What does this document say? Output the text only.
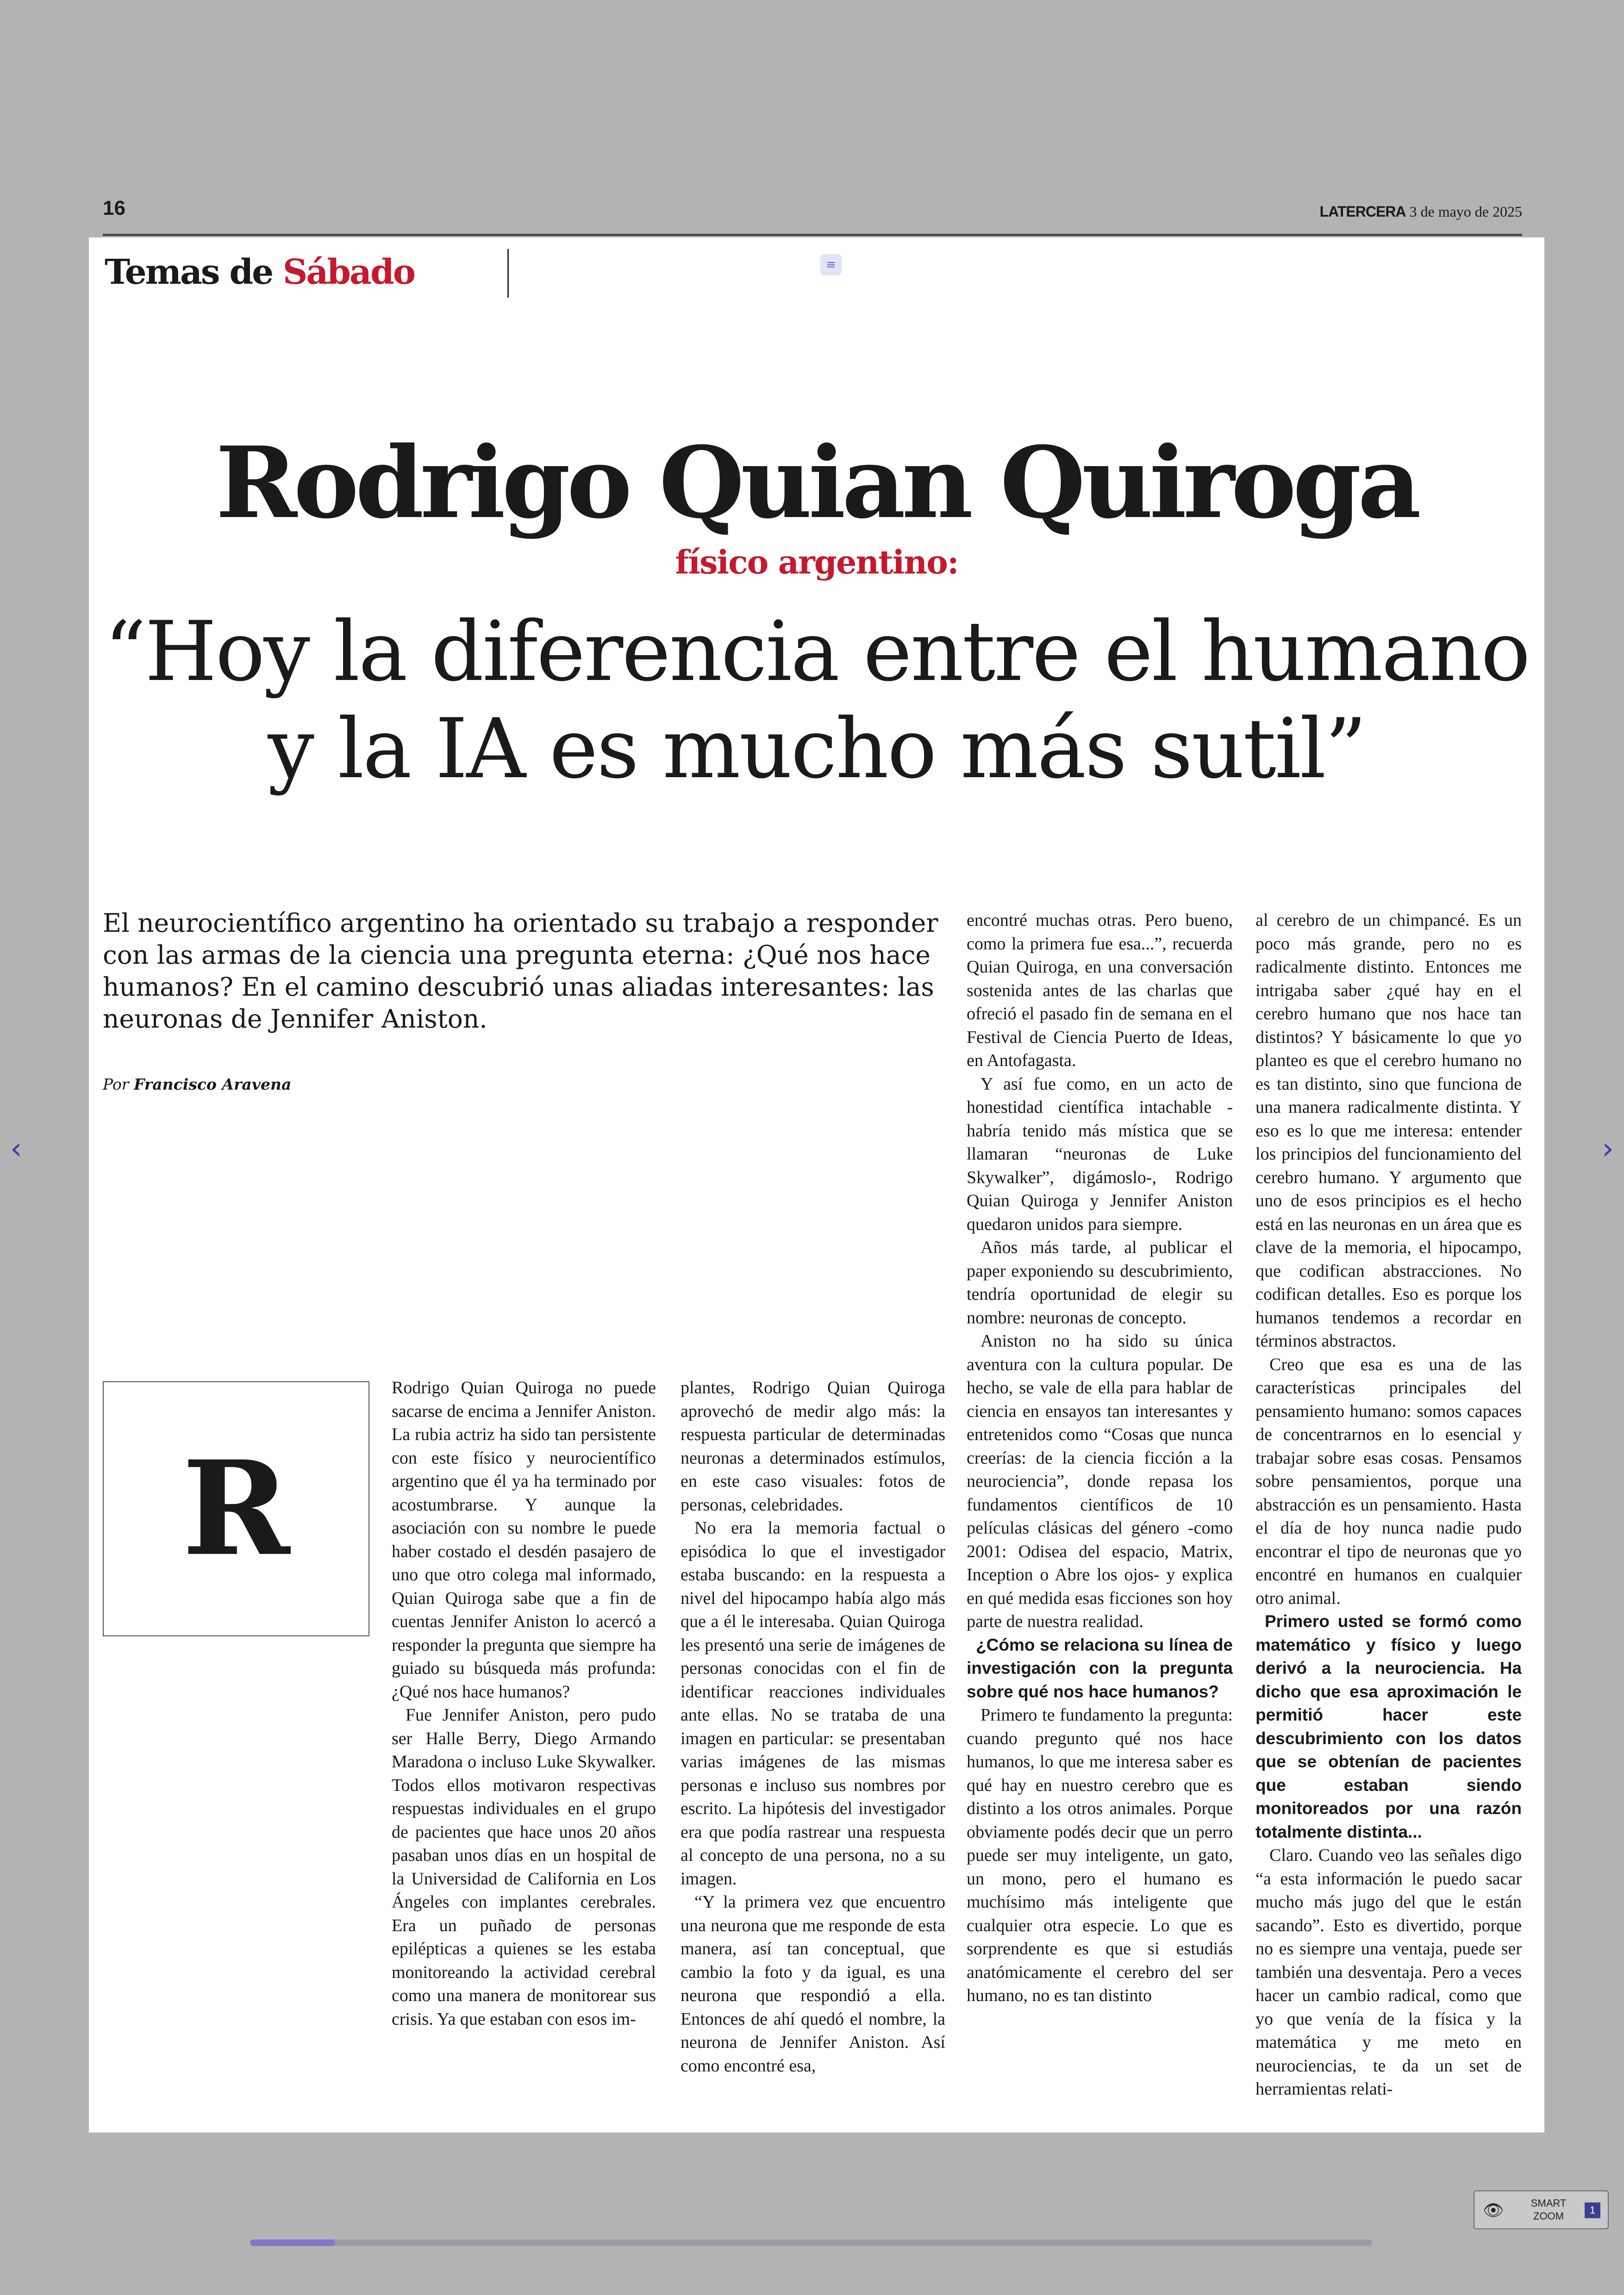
16	LATERCERA 3 de mayo de 2025
Temas de Sábado	≡
Rodrigo Quian Quiroga
físico argentino:
“Hoy la diferencia entre el humano
y la IA es mucho más sutil”

El neurocientífico argentino ha orientado su trabajo a responder con las armas de la ciencia una pregunta eterna: ¿Qué nos hace humanos? En el camino descubrió unas aliadas interesantes: las neuronas de Jennifer Aniston.

Por Francisco Aravena
R

Rodrigo Quian Quiroga no puede sacarse de encima a Jennifer Aniston. La rubia actriz ha sido tan persistente con este físico y neurocientífico argentino que él ya ha terminado por acostumbrarse. Y aunque la asociación con su nombre le puede haber costado el desdén pasajero de uno que otro colega mal informado, Quian Quiroga sabe que a fin de cuentas Jennifer Aniston lo acercó a responder la pregunta que siempre ha guiado su búsqueda más profunda: ¿Qué nos hace humanos?

Fue Jennifer Aniston, pero pudo ser Halle Berry, Diego Armando Maradona o incluso Luke Skywalker. Todos ellos motivaron respectivas respuestas individuales en el grupo de pacientes que hace unos 20 años pasaban unos días en un hospital de la Universidad de California en Los Ángeles con implantes cerebrales. Era un puñado de personas epilépticas a quienes se les estaba monitoreando la actividad cerebral como una manera de monitorear sus crisis. Ya que estaban con esos im-

plantes, Rodrigo Quian Quiroga aprovechó de medir algo más: la respuesta particular de determinadas neuronas a determinados estímulos, en este caso visuales: fotos de personas, celebridades.

No era la memoria factual o episódica lo que el investigador estaba buscando: en la respuesta a nivel del hipocampo había algo más que a él le interesaba. Quian Quiroga les presentó una serie de imágenes de personas conocidas con el fin de identificar reacciones individuales ante ellas. No se trataba de una imagen en particular: se presentaban varias imágenes de las mismas personas e incluso sus nombres por escrito. La hipótesis del investigador era que podía rastrear una respuesta al concepto de una persona, no a su imagen.

“Y la primera vez que encuentro una neurona que me responde de esta manera, así tan conceptual, que cambio la foto y da igual, es una neurona que respondió a ella. Entonces de ahí quedó el nombre, la neurona de Jennifer Aniston. Así como encontré esa,

encontré muchas otras. Pero bueno, como la primera fue esa...”, recuerda Quian Quiroga, en una conversación sostenida antes de las charlas que ofreció el pasado fin de semana en el Festival de Ciencia Puerto de Ideas, en Antofagasta.

Y así fue como, en un acto de honestidad científica intachable -habría tenido más mística que se llamaran “neuronas de Luke Skywalker”, digámoslo-, Rodrigo Quian Quiroga y Jennifer Aniston quedaron unidos para siempre.

Años más tarde, al publicar el paper exponiendo su descubrimiento, tendría oportunidad de elegir su nombre: neuronas de concepto.

Aniston no ha sido su única aventura con la cultura popular. De hecho, se vale de ella para hablar de ciencia en ensayos tan interesantes y entretenidos como “Cosas que nunca creerías: de la ciencia ficción a la neurociencia”, donde repasa los fundamentos científicos de 10 películas clásicas del género -como 2001: Odisea del espacio, Matrix, Inception o Abre los ojos- y explica en qué medida esas ficciones son hoy parte de nuestra realidad.

¿Cómo se relaciona su línea de investigación con la pregunta sobre qué nos hace humanos?

Primero te fundamento la pregunta: cuando pregunto qué nos hace humanos, lo que me interesa saber es qué hay en nuestro cerebro que es distinto a los otros animales. Porque obviamente podés decir que un perro puede ser muy inteligente, un gato, un mono, pero el humano es muchísimo más inteligente que cualquier otra especie. Lo que es sorprendente es que si estudiás anatómicamente el cerebro del ser humano, no es tan distinto

al cerebro de un chimpancé. Es un poco más grande, pero no es radicalmente distinto. Entonces me intrigaba saber ¿qué hay en el cerebro humano que nos hace tan distintos? Y básicamente lo que yo planteo es que el cerebro humano no es tan distinto, sino que funciona de una manera radicalmente distinta. Y eso es lo que me interesa: entender los principios del funcionamiento del cerebro humano. Y argumento que uno de esos principios es el hecho está en las neuronas en un área que es clave de la memoria, el hipocampo, que codifican abstracciones. No codifican detalles. Eso es porque los humanos tendemos a recordar en términos abstractos.

Creo que esa es una de las características principales del pensamiento humano: somos capaces de concentrarnos en lo esencial y trabajar sobre esas cosas. Pensamos sobre pensamientos, porque una abstracción es un pensamiento. Hasta el día de hoy nunca nadie pudo encontrar el tipo de neuronas que yo encontré en humanos en cualquier otro animal.

Primero usted se formó como matemático y físico y luego derivó a la neurociencia. Ha dicho que esa aproximación le permitió hacer este descubrimiento con los datos que se obtenían de pacientes que estaban siendo monitoreados por una razón totalmente distinta...

Claro. Cuando veo las señales digo “a esta información le puedo sacar mucho más jugo del que le están sacando”. Esto es divertido, porque no es siempre una ventaja, puede ser también una desventaja. Pero a veces hacer un cambio radical, como que yo que venía de la física y la matemática y me meto en neurociencias, te da un set de herramientas relati-

‹	›
👁	SMART
ZOOM
1
